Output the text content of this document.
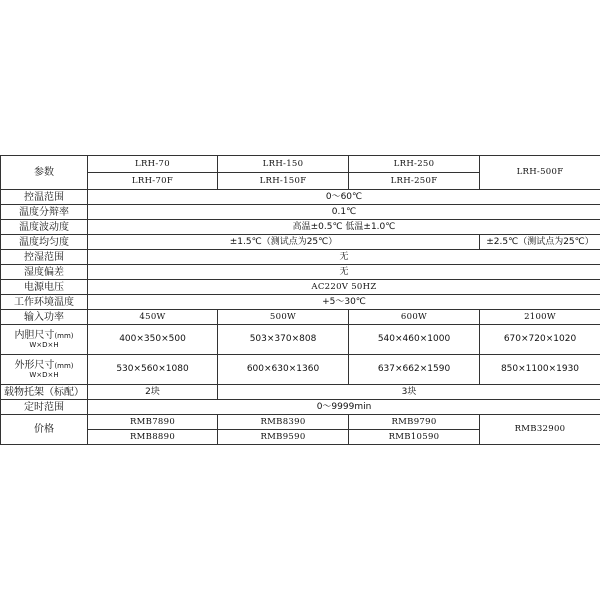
参数	LRH-70	LRH-150	LRH-250	LRH-500F
	LRH-70F	LRH-150F	LRH-250F	
控温范围	0～60℃			
温度分辩率	0.1℃			
温度波动度	高温±0.5℃ 低温±1.0℃			
温度均匀度	±1.5℃（测试点为25℃）			±2.5℃（测试点为25℃）
控湿范围	无			
湿度偏差	无			
电源电压	AC220V 50HZ			
工作环境温度	+5～30℃			
输入功率	450W	500W	600W	2100W

内胆尺寸(mm)
W×D×H	400×350×500	503×370×808	540×460×1000	670×720×1020

外形尺寸(mm)
W×D×H	530×560×1080	600×630×1360	637×662×1590	850×1100×1930
载物托架（标配）	2块	3块		
定时范围	0～9999min			
价格	RMB7890	RMB8390	RMB9790	RMB32900
	RMB8890	RMB9590	RMB10590	
